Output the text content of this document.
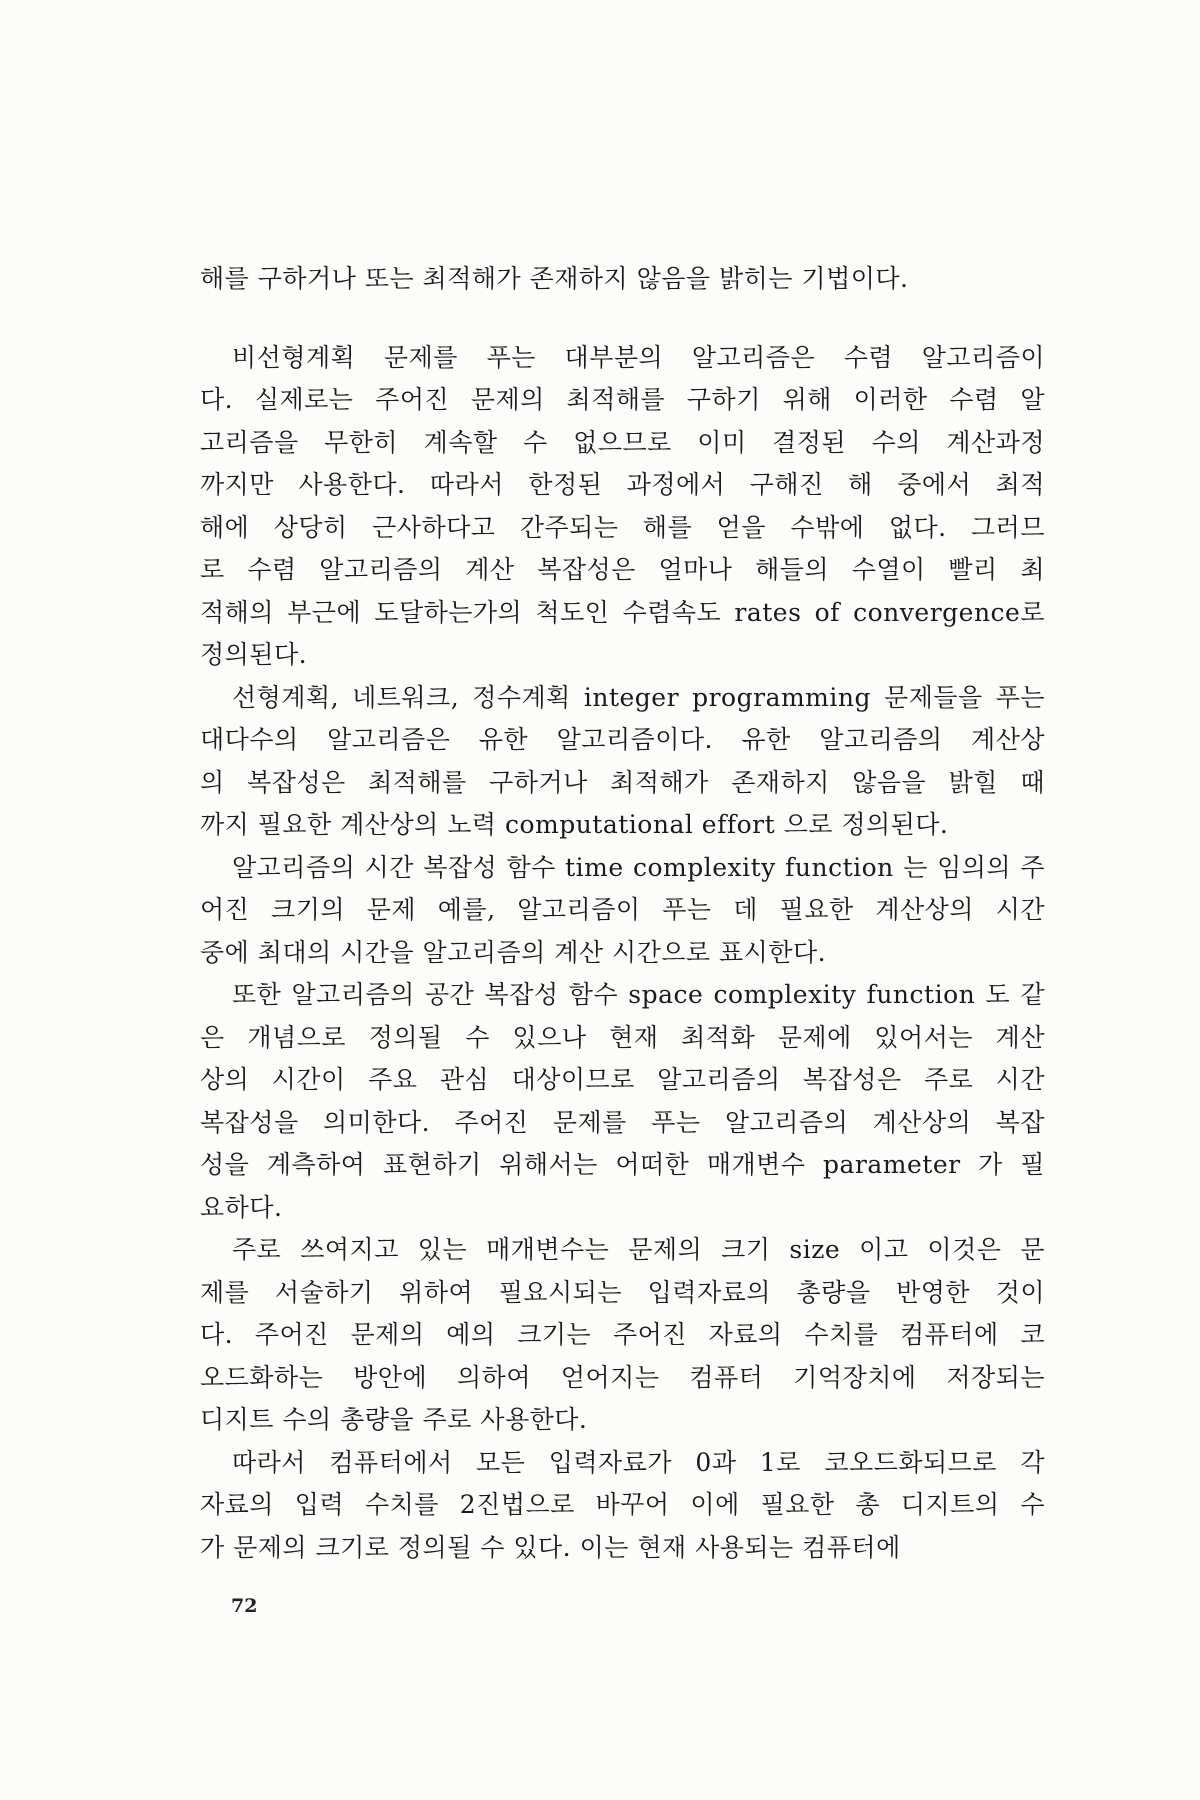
해를 구하거나 또는 최적해가 존재하지 않음을 밝히는 기법이다.
비선형계획 문제를 푸는 대부분의 알고리즘은 수렴 알고리즘이
다. 실제로는 주어진 문제의 최적해를 구하기 위해 이러한 수렴 알
고리즘을 무한히 계속할 수 없으므로 이미 결정된 수의 계산과정
까지만 사용한다. 따라서 한정된 과정에서 구해진 해 중에서 최적
해에 상당히 근사하다고 간주되는 해를 얻을 수밖에 없다. 그러므
로 수렴 알고리즘의 계산 복잡성은 얼마나 해들의 수열이 빨리 최
적해의 부근에 도달하는가의 척도인 수렴속도 rates of convergence로
정의된다.
선형계획, 네트워크, 정수계획 integer programming 문제들을 푸는
대다수의 알고리즘은 유한 알고리즘이다. 유한 알고리즘의 계산상
의 복잡성은 최적해를 구하거나 최적해가 존재하지 않음을 밝힐 때
까지 필요한 계산상의 노력 computational effort 으로 정의된다.
알고리즘의 시간 복잡성 함수 time complexity function 는 임의의 주
어진 크기의 문제 예를, 알고리즘이 푸는 데 필요한 계산상의 시간
중에 최대의 시간을 알고리즘의 계산 시간으로 표시한다.
또한 알고리즘의 공간 복잡성 함수 space complexity function 도 같
은 개념으로 정의될 수 있으나 현재 최적화 문제에 있어서는 계산
상의 시간이 주요 관심 대상이므로 알고리즘의 복잡성은 주로 시간
복잡성을 의미한다. 주어진 문제를 푸는 알고리즘의 계산상의 복잡
성을 계측하여 표현하기 위해서는 어떠한 매개변수 parameter 가 필
요하다.
주로 쓰여지고 있는 매개변수는 문제의 크기 size 이고 이것은 문
제를 서술하기 위하여 필요시되는 입력자료의 총량을 반영한 것이
다. 주어진 문제의 예의 크기는 주어진 자료의 수치를 컴퓨터에 코
오드화하는 방안에 의하여 얻어지는 컴퓨터 기억장치에 저장되는
디지트 수의 총량을 주로 사용한다.
따라서 컴퓨터에서 모든 입력자료가 0과 1로 코오드화되므로 각
자료의 입력 수치를 2진법으로 바꾸어 이에 필요한 총 디지트의 수
가 문제의 크기로 정의될 수 있다. 이는 현재 사용되는 컴퓨터에
72
